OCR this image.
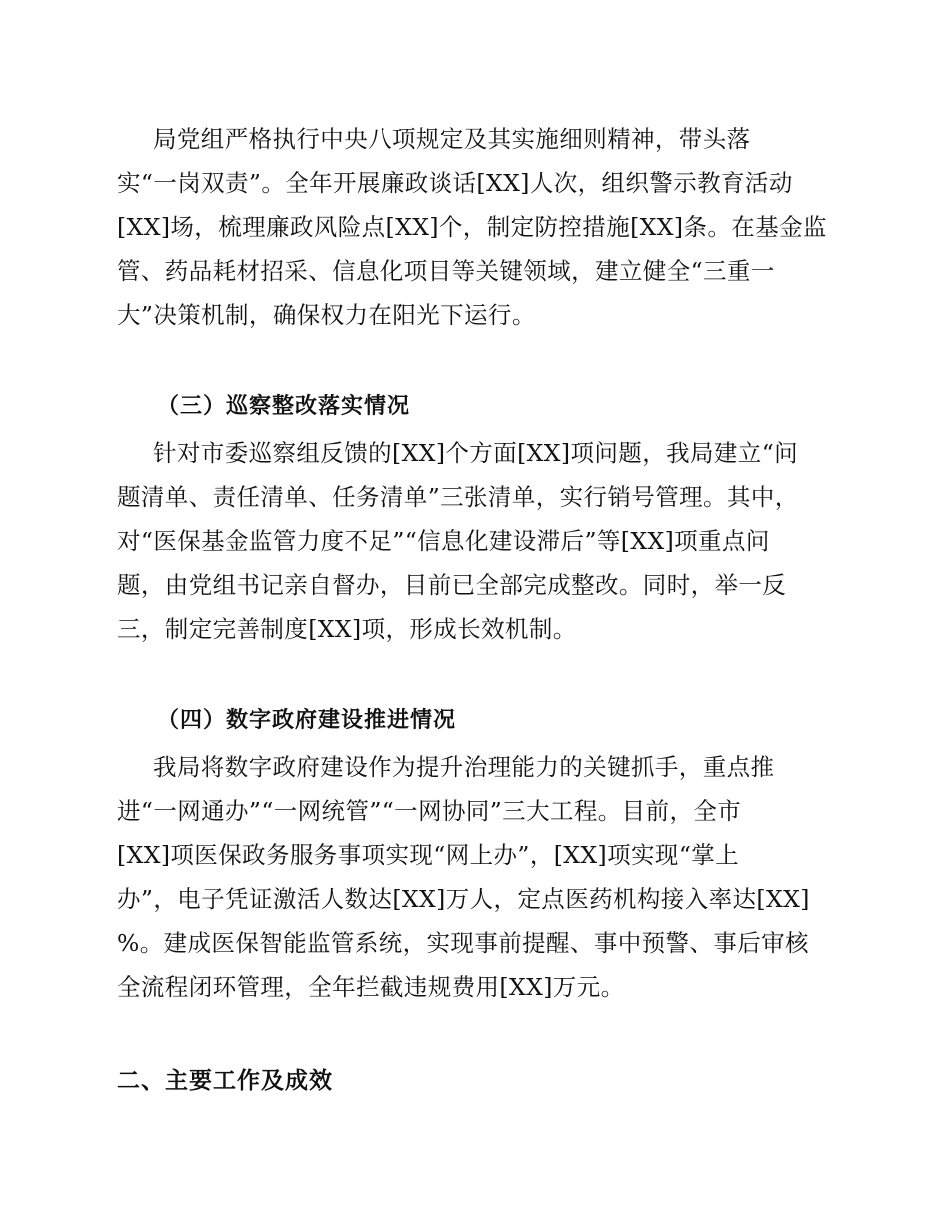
局党组严格执行中央八项规定及其实施细则精神，带头落
实“一岗双责”。全年开展廉政谈话[XX]人次，组织警示教育活动
[XX]场，梳理廉政风险点[XX]个，制定防控措施[XX]条。在基金监
管、药品耗材招采、信息化项目等关键领域，建立健全“三重一
大”决策机制，确保权力在阳光下运行。
（三）巡察整改落实情况
针对市委巡察组反馈的[XX]个方面[XX]项问题，我局建立“问
题清单、责任清单、任务清单”三张清单，实行销号管理。其中，
对“医保基金监管力度不足”“信息化建设滞后”等[XX]项重点问
题，由党组书记亲自督办，目前已全部完成整改。同时，举一反
三，制定完善制度[XX]项，形成长效机制。
（四）数字政府建设推进情况
我局将数字政府建设作为提升治理能力的关键抓手，重点推
进“一网通办”“一网统管”“一网协同”三大工程。目前，全市
[XX]项医保政务服务事项实现“网上办”，[XX]项实现“掌上
办”，电子凭证激活人数达[XX]万人，定点医药机构接入率达[XX]
%。建成医保智能监管系统，实现事前提醒、事中预警、事后审核
全流程闭环管理，全年拦截违规费用[XX]万元。
二、主要工作及成效
